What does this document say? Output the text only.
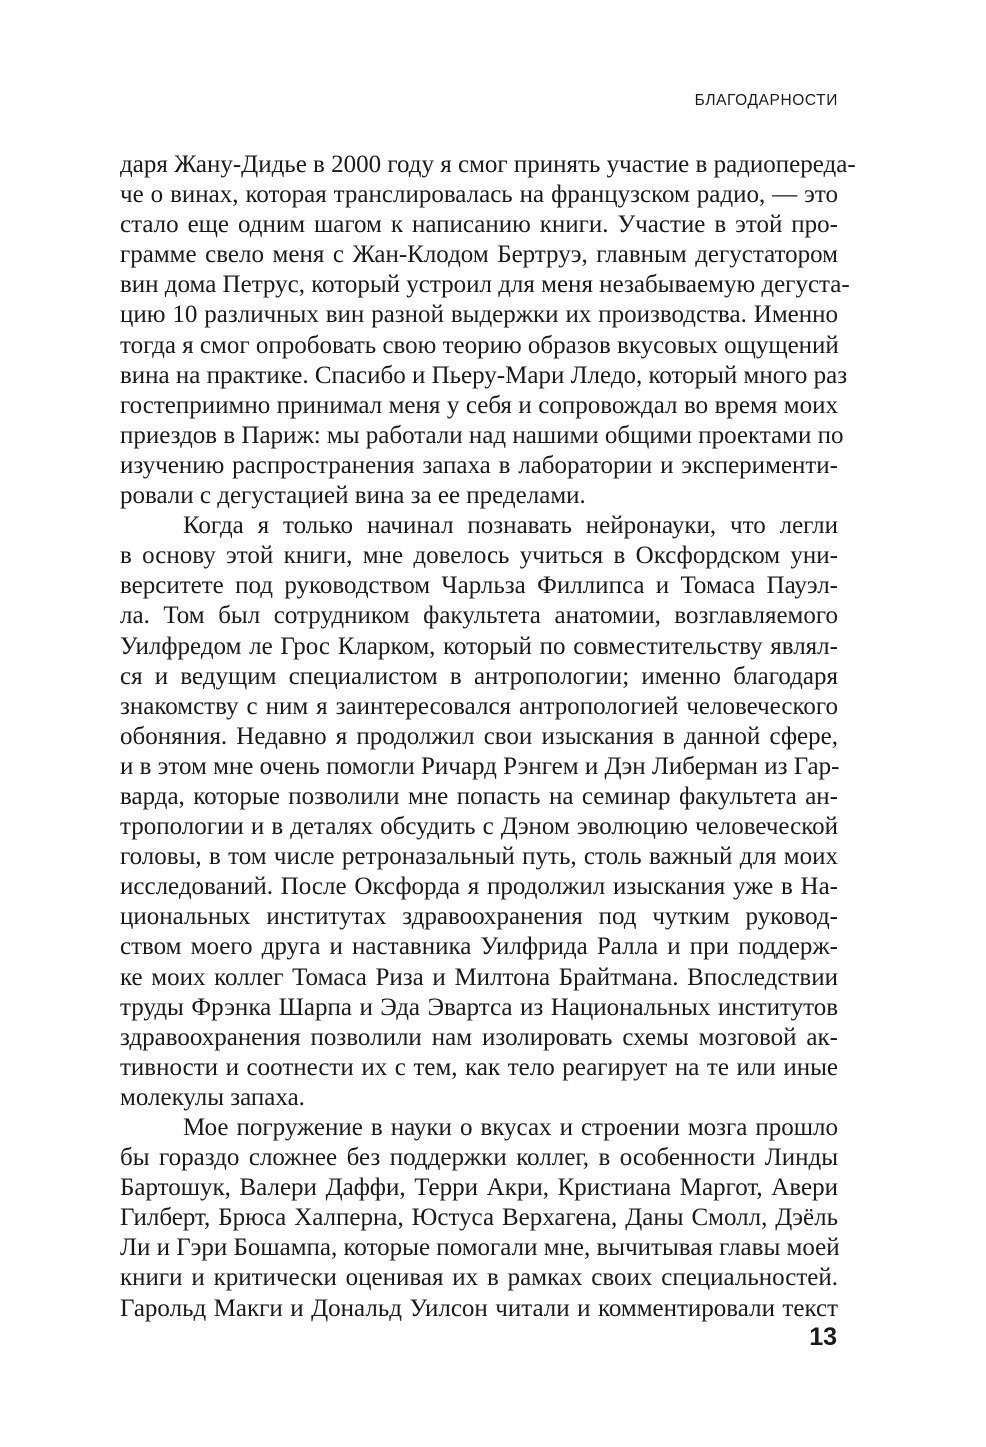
БЛАГОДАРНОСТИ
даря Жану-Дидье в 2000 году я смог принять участие в радиопереда-
че о винах, которая транслировалась на французском радио, — это
стало еще одним шагом к написанию книги. Участие в этой про-
грамме свело меня с Жан-Клодом Бертруэ, главным дегустатором
вин дома Петрус, который устроил для меня незабываемую дегуста-
цию 10 различных вин разной выдержки их производства. Именно
тогда я смог опробовать свою теорию образов вкусовых ощущений
вина на практике. Спасибо и Пьеру-Мари Лледо, который много раз
гостеприимно принимал меня у себя и сопровождал во время моих
приездов в Париж: мы работали над нашими общими проектами по
изучению распространения запаха в лаборатории и эксперименти-
ровали с дегустацией вина за ее пределами.
Когда я только начинал познавать нейронауки, что легли
в основу этой книги, мне довелось учиться в Оксфордском уни-
верситете под руководством Чарльза Филлипса и Томаса Пауэл-
ла. Том был сотрудником факультета анатомии, возглавляемого
Уилфредом ле Грос Кларком, который по совместительству являл-
ся и ведущим специалистом в антропологии; именно благодаря
знакомству с ним я заинтересовался антропологией человеческого
обоняния. Недавно я продолжил свои изыскания в данной сфере,
и в этом мне очень помогли Ричард Рэнгем и Дэн Либерман из Гар-
варда, которые позволили мне попасть на семинар факультета ан-
тропологии и в деталях обсудить с Дэном эволюцию человеческой
головы, в том числе ретроназальный путь, столь важный для моих
исследований. После Оксфорда я продолжил изыскания уже в На-
циональных институтах здравоохранения под чутким руковод-
ством моего друга и наставника Уилфрида Ралла и при поддерж-
ке моих коллег Томаса Риза и Милтона Брайтмана. Впоследствии
труды Фрэнка Шарпа и Эда Эвартса из Национальных институтов
здравоохранения позволили нам изолировать схемы мозговой ак-
тивности и соотнести их с тем, как тело реагирует на те или иные
молекулы запаха.
Мое погружение в науки о вкусах и строении мозга прошло
бы гораздо сложнее без поддержки коллег, в особенности Линды
Бартошук, Валери Даффи, Терри Акри, Кристиана Маргот, Авери
Гилберт, Брюса Халперна, Юстуса Верхагена, Даны Смолл, Дэёль
Ли и Гэри Бошампа, которые помогали мне, вычитывая главы моей
книги и критически оценивая их в рамках своих специальностей.
Гарольд Макги и Дональд Уилсон читали и комментировали текст
13
